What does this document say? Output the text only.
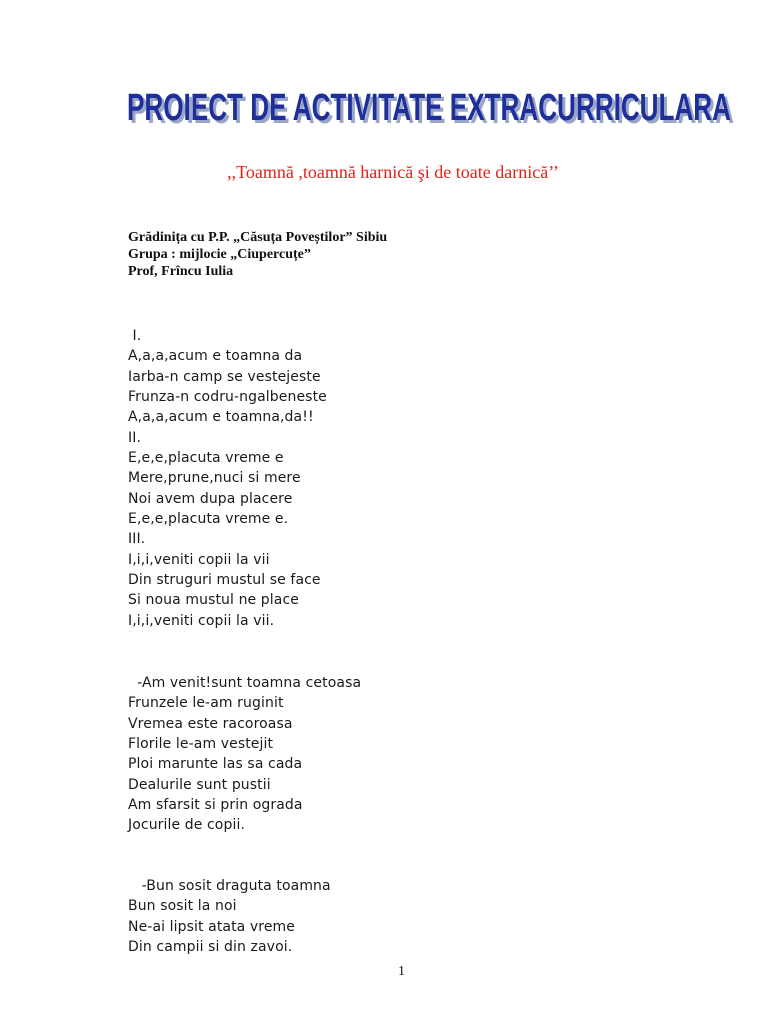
PROIECT DE ACTIVITATE EXTRACURRICULARA
PROIECT DE ACTIVITATE EXTRACURRICULARA
,,Toamnă ,toamnă harnică şi de toate darnică’’
Grădinița cu P.P. „Căsuța Poveștilor” Sibiu
Grupa : mijlocie „Ciupercuțe”
Prof, Frîncu Iulia
I.
A,a,a,acum e toamna da
Iarba-n camp se vestejeste
Frunza-n codru-ngalbeneste
A,a,a,acum e toamna,da!!
II.
E,e,e,placuta vreme e
Mere,prune,nuci si mere
Noi avem dupa placere
E,e,e,placuta vreme e.
III.
I,i,i,veniti copii la vii
Din struguri mustul se face
Si noua mustul ne place
I,i,i,veniti copii la vii.
-Am venit!sunt toamna cetoasa
Frunzele le-am ruginit
Vremea este racoroasa
Florile le-am vestejit
Ploi marunte las sa cada
Dealurile sunt pustii
Am sfarsit si prin ograda
Jocurile de copii.
-Bun sosit draguta toamna
Bun sosit la noi
Ne-ai lipsit atata vreme
Din campii si din zavoi.
1
